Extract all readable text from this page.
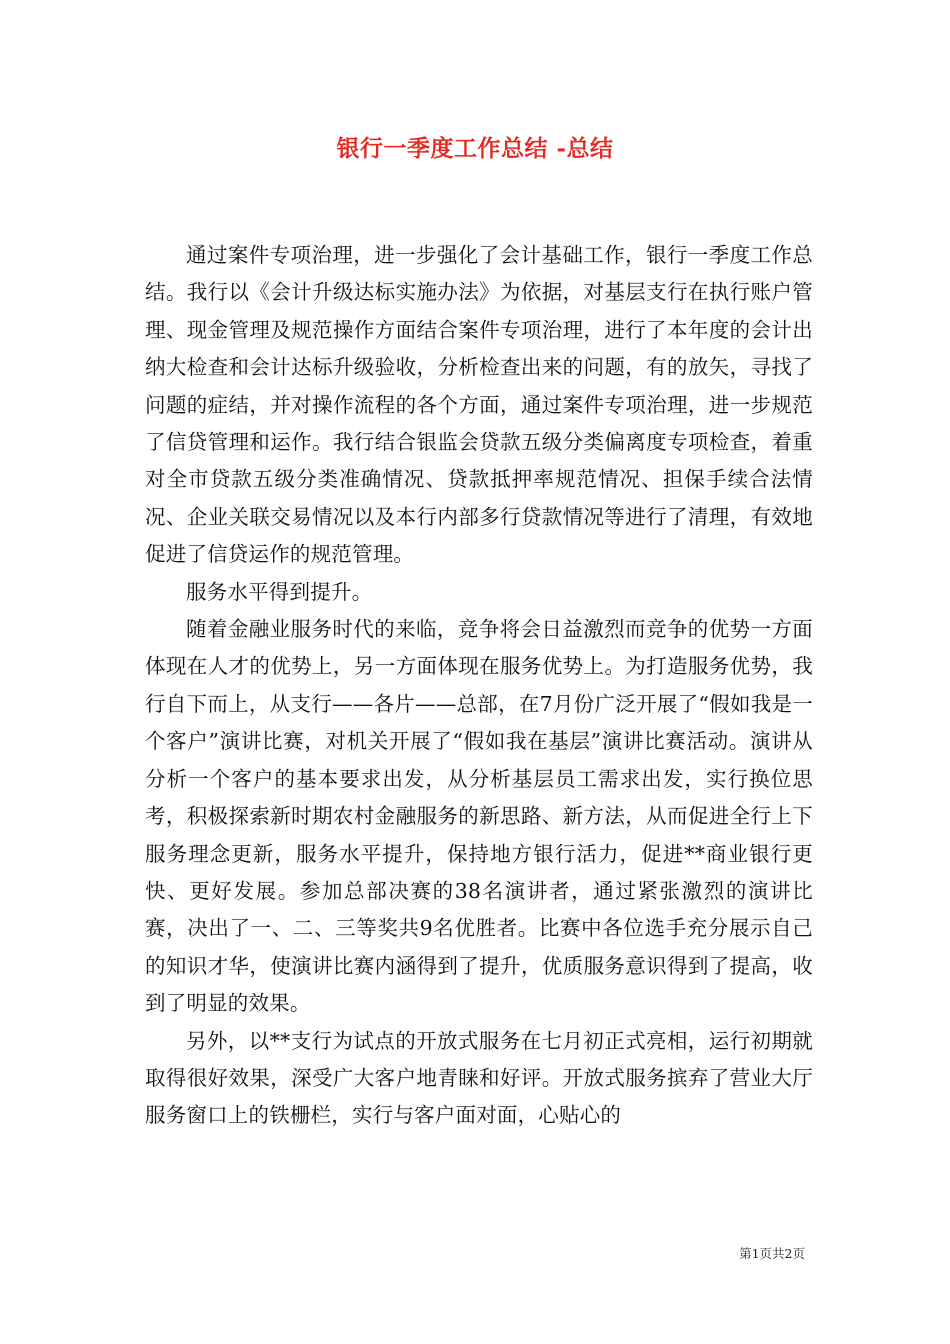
银行一季度工作总结 -总结

通过案件专项治理，进一步强化了会计基础工作，银行一季度工作总结。我行以《会计升级达标实施办法》为依据，对基层支行在执行账户管理、现金管理及规范操作方面结合案件专项治理，进行了本年度的会计出纳大检查和会计达标升级验收，分析检查出来的问题，有的放矢，寻找了问题的症结，并对操作流程的各个方面，通过案件专项治理，进一步规范了信贷管理和运作。我行结合银监会贷款五级分类偏离度专项检查，着重对全市贷款五级分类准确情况、贷款抵押率规范情况、担保手续合法情况、企业关联交易情况以及本行内部多行贷款情况等进行了清理，有效地促进了信贷运作的规范管理。

服务水平得到提升。

随着金融业服务时代的来临，竞争将会日益激烈而竞争的优势一方面体现在人才的优势上，另一方面体现在服务优势上。为打造服务优势，我行自下而上，从支行——各片——总部，在7月份广泛开展了“假如我是一个客户”演讲比赛，对机关开展了“假如我在基层”演讲比赛活动。演讲从分析一个客户的基本要求出发，从分析基层员工需求出发，实行换位思考，积极探索新时期农村金融服务的新思路、新方法，从而促进全行上下服务理念更新，服务水平提升，保持地方银行活力，促进**商业银行更快、更好发展。参加总部决赛的38名演讲者，通过紧张激烈的演讲比赛，决出了一、二、三等奖共9名优胜者。比赛中各位选手充分展示自己的知识才华，使演讲比赛内涵得到了提升，优质服务意识得到了提高，收到了明显的效果。

另外，以**支行为试点的开放式服务在七月初正式亮相，运行初期就取得很好效果，深受广大客户地青睐和好评。开放式服务摈弃了营业大厅服务窗口上的铁栅栏，实行与客户面对面，心贴心的

第1页共2页
